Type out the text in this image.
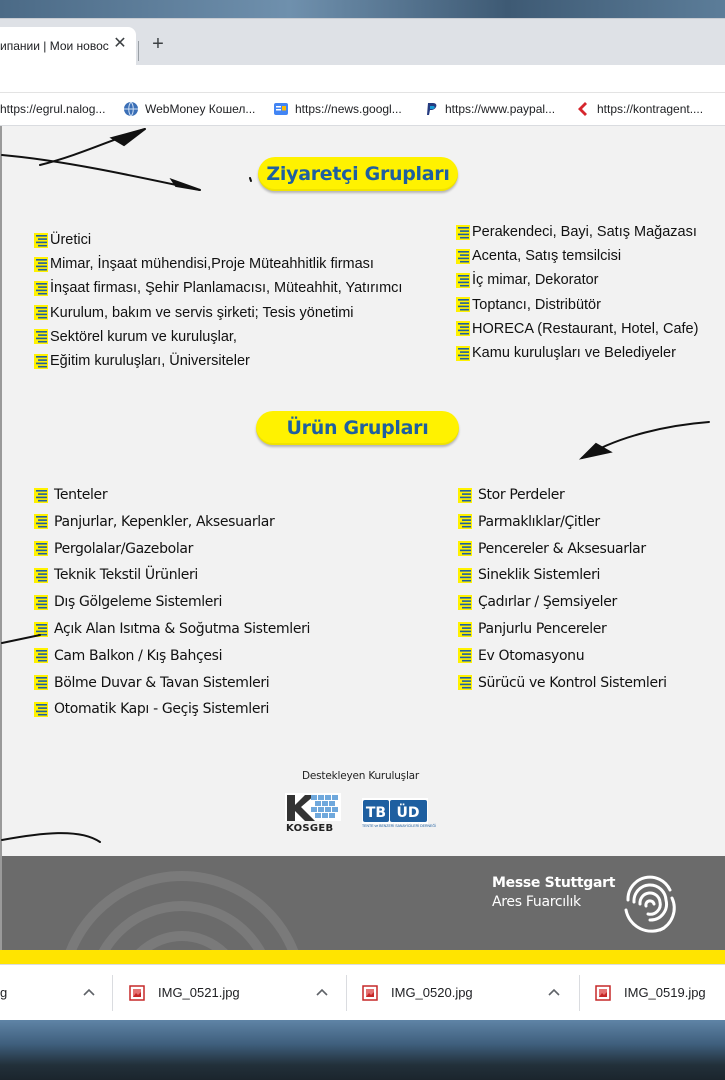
ипании | Мои новос ✕ +
https://egrul.nalog...	WebMoney Кошел...	https://news.googl...	https://www.paypal...	https://kontragent....
Ziyaretçi Grupları
Üretici
Mimar, İnşaat mühendisi,Proje Müteahhitlik firması
İnşaat firması, Şehir Planlamacısı, Müteahhit, Yatırımcı
Kurulum, bakım ve servis şirketi; Tesis yönetimi
Sektörel kurum ve kuruluşlar,
Eğitim kuruluşları, Üniversiteler
Perakendeci, Bayi, Satış Mağazası
Acenta, Satış temsilcisi
İç mimar, Dekorator
Toptancı, Distribütör
HORECA (Restaurant, Hotel, Cafe)
Kamu kuruluşları ve Belediyeler
Ürün Grupları
Tenteler
Panjurlar, Kepenkler, Aksesuarlar
Pergolalar/Gazebolar
Teknik Tekstil Ürünleri
Dış Gölgeleme Sistemleri
Açık Alan Isıtma & Soğutma Sistemleri
Cam Balkon / Kış Bahçesi
Bölme Duvar & Tavan Sistemleri
Otomatik Kapı - Geçiş Sistemleri
Stor Perdeler
Parmaklıklar/Çitler
Pencereler & Aksesuarlar
Sineklik Sistemleri
Çadırlar / Şemsiyeler
Panjurlu Pencereler
Ev Otomasyonu
Sürücü ve Kontrol Sistemleri
Destekleyen Kuruluşlar
KOSGEB
TB ÜD
TENTE ve BENZERİ SANAYİCİLERİ DERNEĞİ
Messe Stuttgart
Ares Fuarcılık
g	IMG_0521.jpg	IMG_0520.jpg	IMG_0519.jpg
